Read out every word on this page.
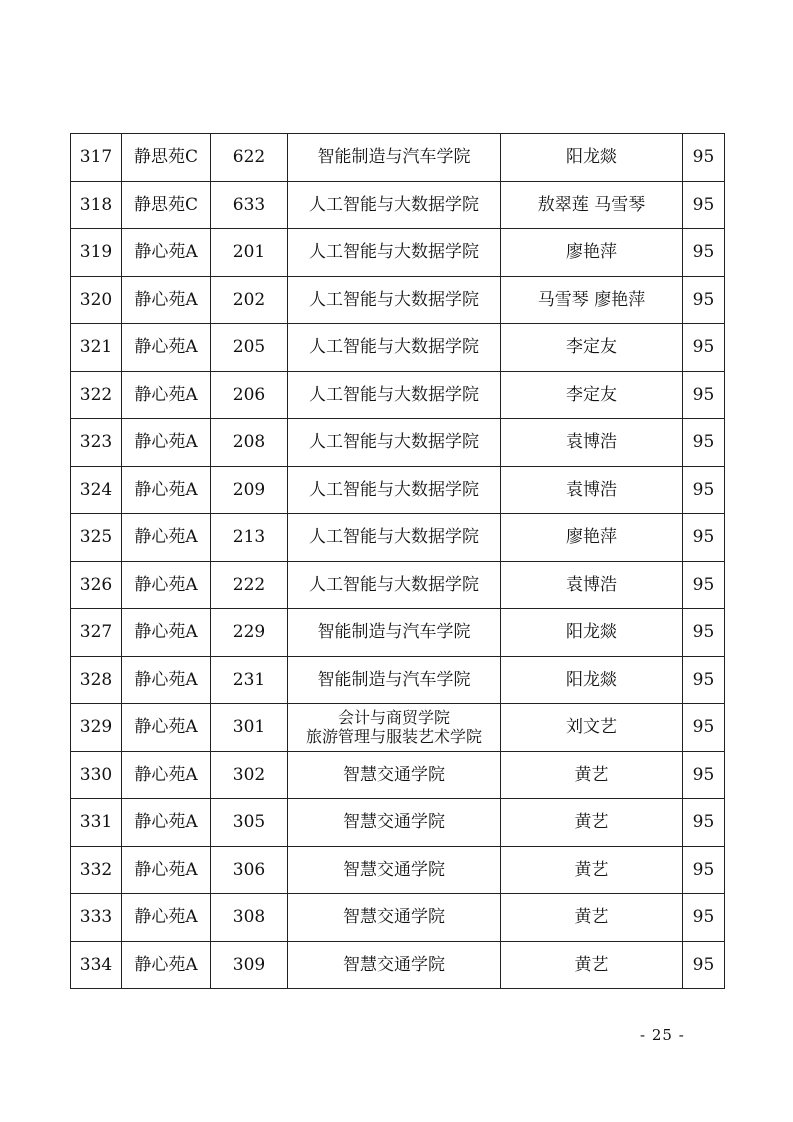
317	静思苑C	622	智能制造与汽车学院	阳龙燚	95
318	静思苑C	633	人工智能与大数据学院	敖翠莲 马雪琴	95
319	静心苑A	201	人工智能与大数据学院	廖艳萍	95
320	静心苑A	202	人工智能与大数据学院	马雪琴 廖艳萍	95
321	静心苑A	205	人工智能与大数据学院	李定友	95
322	静心苑A	206	人工智能与大数据学院	李定友	95
323	静心苑A	208	人工智能与大数据学院	袁博浩	95
324	静心苑A	209	人工智能与大数据学院	袁博浩	95
325	静心苑A	213	人工智能与大数据学院	廖艳萍	95
326	静心苑A	222	人工智能与大数据学院	袁博浩	95
327	静心苑A	229	智能制造与汽车学院	阳龙燚	95
328	静心苑A	231	智能制造与汽车学院	阳龙燚	95
329	静心苑A	301	会计与商贸学院
旅游管理与服装艺术学院	刘文艺	95
330	静心苑A	302	智慧交通学院	黄艺	95
331	静心苑A	305	智慧交通学院	黄艺	95
332	静心苑A	306	智慧交通学院	黄艺	95
333	静心苑A	308	智慧交通学院	黄艺	95
334	静心苑A	309	智慧交通学院	黄艺	95
- 25 -
